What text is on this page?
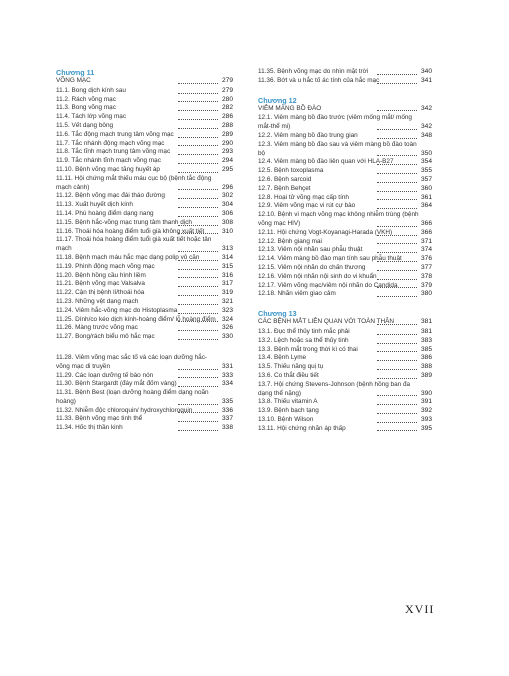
Chương 11
VÕNG MẠC	279
11.1. Bong dịch kính sau	279
11.2. Rách võng mạc	280
11.3. Bong võng mạc	282
11.4. Tách lớp võng mạc	286
11.5. Vết dạng bông	288
11.6. Tắc động mạch trung tâm võng mạc	289
11.7. Tắc nhánh động mạch võng mạc	290
11.8. Tắc tĩnh mạch trung tâm võng mạc	293
11.9. Tắc nhánh tĩnh mạch võng mạc	294
11.10. Bệnh võng mạc tăng huyết áp	295
11.11. Hội chứng mắt thiếu máu cục bộ (bệnh tắc động mạch cảnh)	296
11.12. Bệnh võng mạc đái tháo đường	302
11.13. Xuất huyết dịch kính	304
11.14. Phù hoàng điểm dạng nang	306
11.15. Bệnh hắc-võng mạc trung tâm thanh dịch	308
11.16. Thoái hóa hoàng điểm tuổi già không xuất tiết	310
11.17. Thoái hóa hoàng điểm tuổi già xuất tiết hoặc tân mạch	313
11.18. Bệnh mạch máu hắc mạc dạng polip vô căn	314
11.19. Phình động mạch võng mạc	315
11.20. Bệnh hồng cầu hình liềm	316
11.21. Bệnh võng mạc Valsalva	317
11.22. Cận thị bệnh lí/thoái hóa	319
11.23. Những vệt dạng mạch	321
11.24. Viêm hắc-võng mạc do Histoplasma	323
11.25. Dính/co kéo dịch kính-hoàng điểm/ lỗ hoàng điểm 324
11.26. Màng trước võng mạc	326
11.27. Bong/rách biểu mô hắc mạc	330
11.28. Viêm võng mạc sắc tố và các loạn dưỡng hắc-võng mạc di truyền	331
11.29. Các loạn dưỡng tế bào nón	333
11.30. Bệnh Stargardt (đáy mắt đốm vàng)	334
11.31. Bệnh Best (loạn dưỡng hoàng điểm dạng noãn hoàng)	335
11.32. Nhiễm độc chloroquin/ hydroxychloroquin	336
11.33. Bệnh võng mạc tinh thể	337
11.34. Hốc thị thần kinh	338
11.35. Bệnh võng mạc do nhìn mặt trời	340
11.36. Bớt và u hắc tố ác tính của hắc mạc	341
Chương 12
VIÊM MÀNG BỒ ĐÀO	342
12.1. Viêm màng bồ đào trước (viêm mống mắt/ mống mắt-thể mi)	342
12.2. Viêm màng bồ đào trung gian	348
12.3. Viêm màng bồ đào sau và viêm màng bồ đào toàn bộ	350
12.4. Viêm màng bồ đào liên quan với HLA-B27	354
12.5. Bệnh toxoplasma	355
12.6. Bệnh sarcoid	357
12.7. Bệnh Behçet	360
12.8. Hoại tử võng mạc cấp tính	361
12.9. Viêm võng mạc vi rút cự bào	364
12.10. Bệnh vi mạch võng mạc không nhiễm trùng (bệnh võng mạc HIV)	366
12.11. Hội chứng Vogt-Koyanagi-Harada (VKH)	366
12.12. Bệnh giang mai	371
12.13. Viêm nội nhãn sau phẫu thuật	374
12.14. Viêm màng bồ đào mạn tính sau phẫu thuật	376
12.15. Viêm nội nhãn do chấn thương	377
12.16. Viêm nội nhãn nội sinh do vi khuẩn	378
12.17. Viêm võng mạc/viêm nội nhãn do Candida	379
12.18. Nhãn viêm giao cảm	380
Chương 13
CÁC BỆNH MẮT LIÊN QUAN VỚI TOÀN THÂN	381
13.1. Đục thể thủy tinh mắc phải	381
13.2. Lệch hoặc sa thể thủy tinh	383
13.3. Bệnh mắt trong thời kì có thai	385
13.4. Bệnh Lyme	386
13.5. Thiếu năng quị tụ	388
13.6. Co thắt điều tiết	389
13.7. Hội chứng Stevens-Johnson (bệnh hồng ban đa dạng thể nặng)	390
13.8. Thiếu vitamin A	391
13.9. Bệnh bạch tạng	392
13.10. Bệnh Wilson	393
13.11. Hội chứng nhãn áp thấp	395
XVII
